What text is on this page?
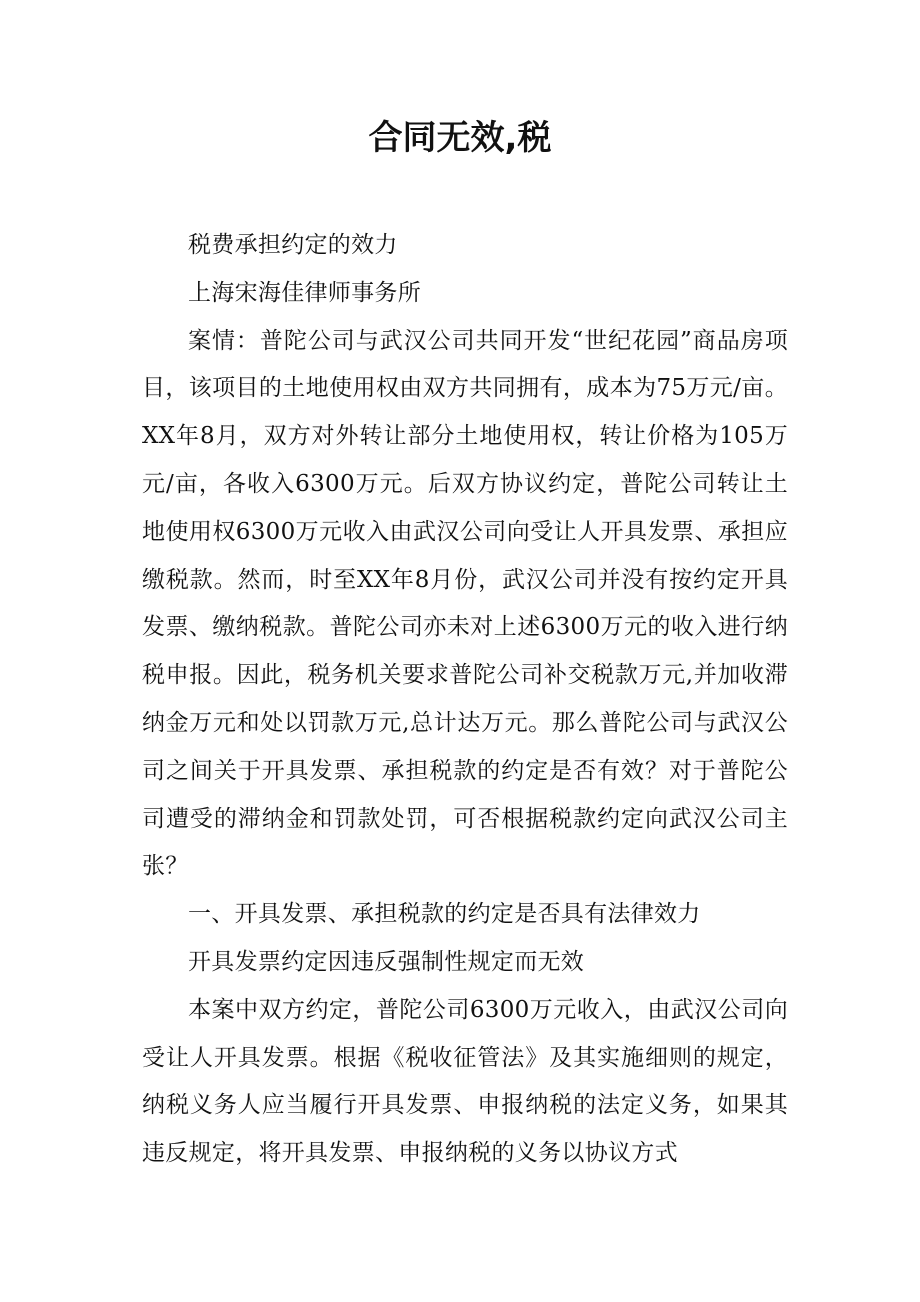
合同无效,税

税费承担约定的效力

上海宋海佳律师事务所

案情：普陀公司与武汉公司共同开发“世纪花园”商品房项目，该项目的土地使用权由双方共同拥有，成本为75万元/亩。XX年8月，双方对外转让部分土地使用权，转让价格为105万元/亩，各收入6300万元。后双方协议约定，普陀公司转让土地使用权6300万元收入由武汉公司向受让人开具发票、承担应缴税款。然而，时至XX年8月份，武汉公司并没有按约定开具发票、缴纳税款。普陀公司亦未对上述6300万元的收入进行纳税申报。因此，税务机关要求普陀公司补交税款万元,并加收滞纳金万元和处以罚款万元,总计达万元。那么普陀公司与武汉公司之间关于开具发票、承担税款的约定是否有效？对于普陀公司遭受的滞纳金和罚款处罚，可否根据税款约定向武汉公司主张？

一、开具发票、承担税款的约定是否具有法律效力

开具发票约定因违反强制性规定而无效

本案中双方约定，普陀公司6300万元收入，由武汉公司向受让人开具发票。根据《税收征管法》及其实施细则的规定，纳税义务人应当履行开具发票、申报纳税的法定义务，如果其违反规定，将开具发票、申报纳税的义务以协议方式
